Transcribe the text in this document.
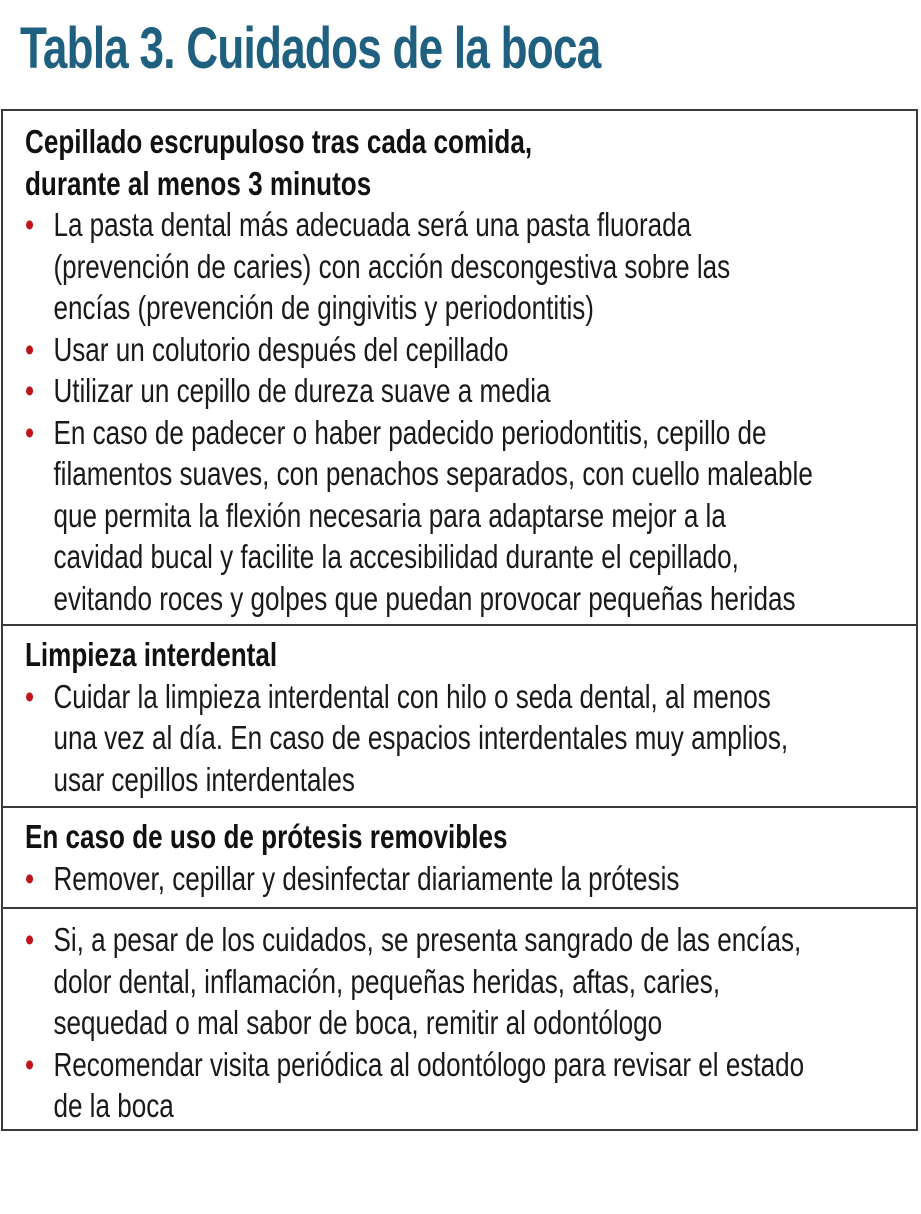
Tabla 3. Cuidados de la boca
Cepillado escrupuloso tras cada comida,
durante al menos 3 minutos
• La pasta dental más adecuada será una pasta fluorada
(prevención de caries) con acción descongestiva sobre las
encías (prevención de gingivitis y periodontitis)
• Usar un colutorio después del cepillado
• Utilizar un cepillo de dureza suave a media
• En caso de padecer o haber padecido periodontitis, cepillo de
filamentos suaves, con penachos separados, con cuello maleable
que permita la flexión necesaria para adaptarse mejor a la
cavidad bucal y facilite la accesibilidad durante el cepillado,
evitando roces y golpes que puedan provocar pequeñas heridas
Limpieza interdental
• Cuidar la limpieza interdental con hilo o seda dental, al menos
una vez al día. En caso de espacios interdentales muy amplios,
usar cepillos interdentales
En caso de uso de prótesis removibles
• Remover, cepillar y desinfectar diariamente la prótesis
• Si, a pesar de los cuidados, se presenta sangrado de las encías,
dolor dental, inflamación, pequeñas heridas, aftas, caries,
sequedad o mal sabor de boca, remitir al odontólogo
• Recomendar visita periódica al odontólogo para revisar el estado
de la boca
